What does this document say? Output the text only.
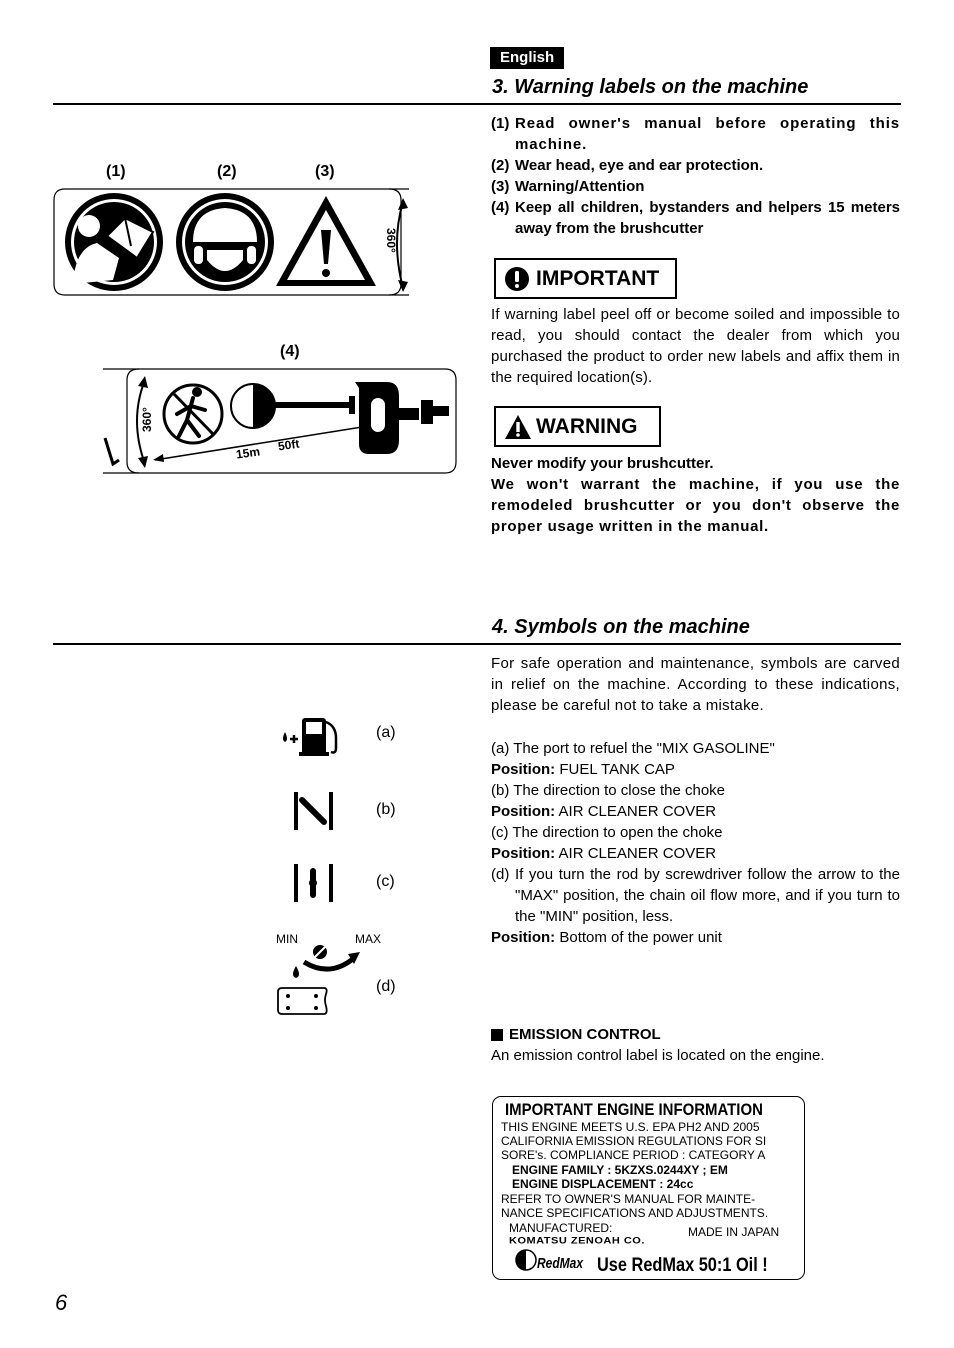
English
3. Warning labels on the machine
(1) Read owner's manual before operating this machine.
(2) Wear head, eye and ear protection.
(3) Warning/Attention
(4) Keep all children, bystanders and helpers 15 meters away from the brushcutter
IMPORTANT
If warning label peel off or become soiled and impossible to read, you should contact the dealer from which you purchased the product to order new labels and affix them in the required location(s).
WARNING
Never modify your brushcutter.
We won't warrant the machine, if you use the remodeled brushcutter or you don't observe the proper usage written in the manual.
(1)	(2)	(3)
360°
(4)
360°
15m 50ft
4. Symbols on the machine
For safe operation and maintenance, symbols are carved in relief on the machine. According to these indications, please be careful not to take a mistake.
(a) The port to refuel the "MIX GASOLINE"
Position: FUEL TANK CAP
(b) The direction to close the choke
Position: AIR CLEANER COVER
(c) The direction to open the choke
Position: AIR CLEANER COVER
(d) If you turn the rod by screwdriver follow the arrow to the "MAX" position, the chain oil flow more, and if you turn to the "MIN" position, less.
Position: Bottom of the power unit
(a)
(b)
(c)
MIN	MAX
(d)
EMISSION CONTROL
An emission control label is located on the engine.
IMPORTANT ENGINE INFORMATION
THIS ENGINE MEETS U.S. EPA PH2 AND 2005
CALIFORNIA EMISSION REGULATIONS FOR SI
SORE's. COMPLIANCE PERIOD : CATEGORY A
ENGINE FAMILY : 5KZXS.0244XY ; EM
ENGINE DISPLACEMENT : 24cc
REFER TO OWNER'S MANUAL FOR MAINTE-
NANCE SPECIFICATIONS AND ADJUSTMENTS.
MANUFACTURED:
KOMATSU ZENOAH CO.
MADE IN JAPAN
RedMax Use RedMax 50:1 Oil !
6
